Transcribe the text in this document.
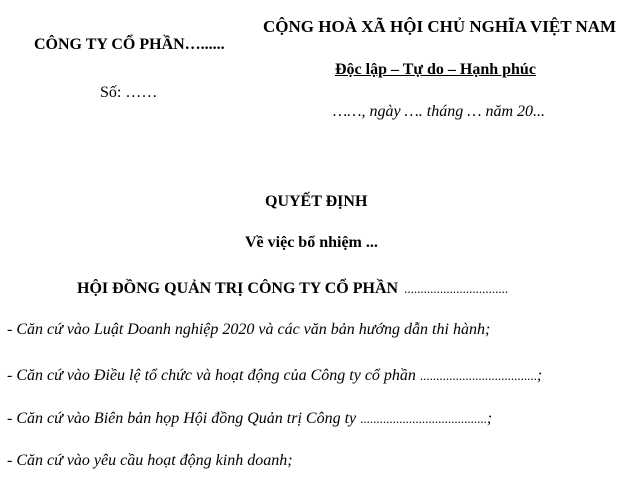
CÔNG TY CỔ PHẦN…......
Số: ……
CỘNG HOÀ XÃ HỘI CHỦ NGHĨA VIỆT NAM
Độc lập – Tự do – Hạnh phúc
……, ngày …. tháng … năm 20...
QUYẾT ĐỊNH
Về việc bổ nhiệm ...
HỘI ĐỒNG QUẢN TRỊ CÔNG TY CỔ PHẦN ................................
- Căn cứ vào Luật Doanh nghiệp 2020 và các văn bản hướng dẫn thi hành;
- Căn cứ vào Điều lệ tổ chức và hoạt động của Công ty cổ phần ....................................;
- Căn cứ vào Biên bản họp Hội đồng Quản trị Công ty .......................................;
- Căn cứ vào yêu cầu hoạt động kinh doanh;
